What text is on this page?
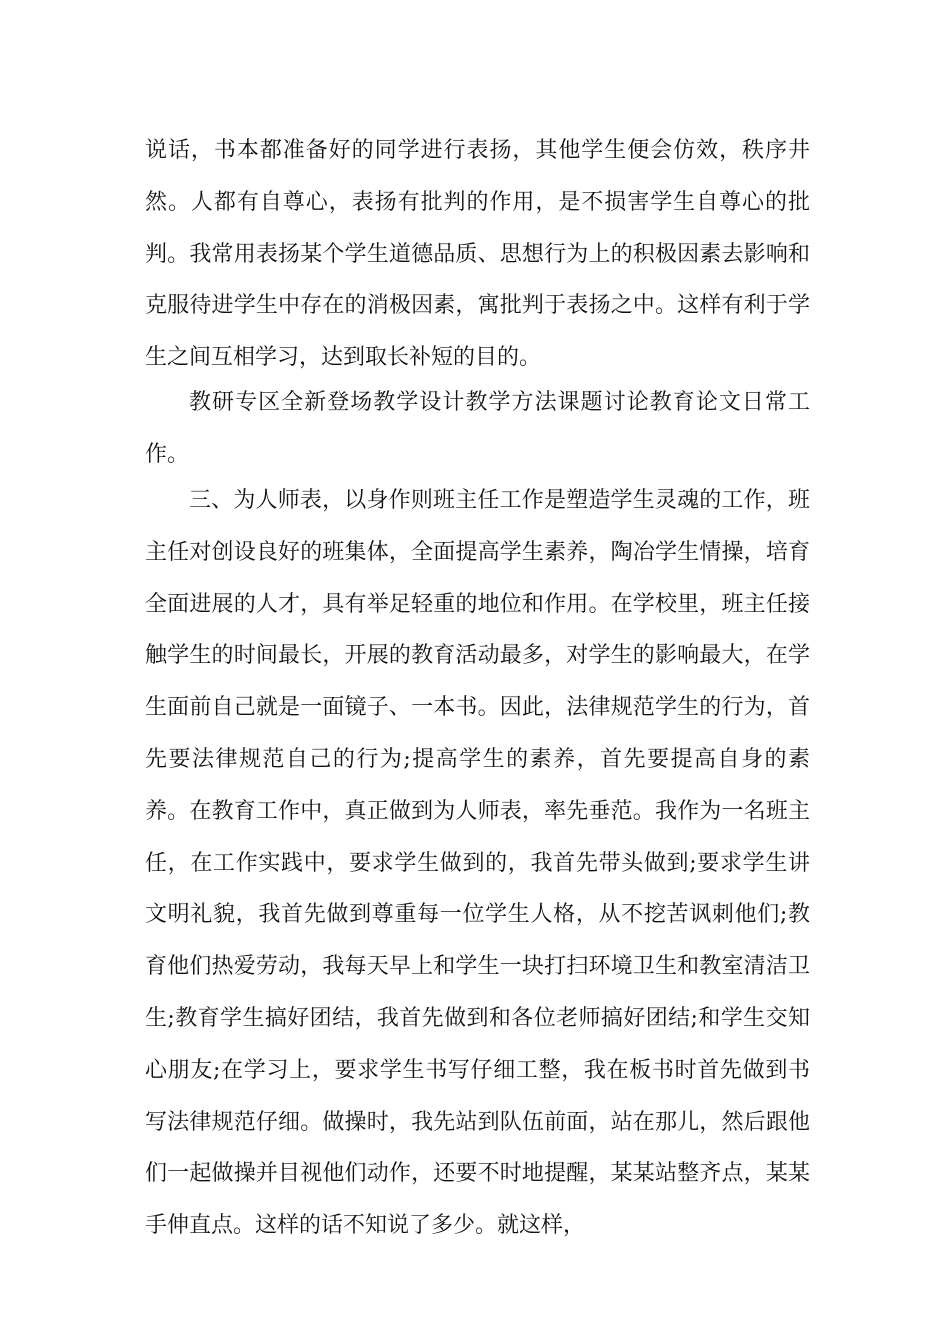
说话，书本都准备好的同学进行表扬，其他学生便会仿效，秩序井然。人都有自尊心，表扬有批判的作用，是不损害学生自尊心的批判。我常用表扬某个学生道德品质、思想行为上的积极因素去影响和克服待进学生中存在的消极因素，寓批判于表扬之中。这样有利于学生之间互相学习，达到取长补短的目的。

教研专区全新登场教学设计教学方法课题讨论教育论文日常工作。

三、为人师表，以身作则班主任工作是塑造学生灵魂的工作，班主任对创设良好的班集体，全面提高学生素养，陶冶学生情操，培育全面进展的人才，具有举足轻重的地位和作用。在学校里，班主任接触学生的时间最长，开展的教育活动最多，对学生的影响最大，在学生面前自己就是一面镜子、一本书。因此，法律规范学生的行为，首先要法律规范自己的行为;提高学生的素养，首先要提高自身的素养。在教育工作中，真正做到为人师表，率先垂范。我作为一名班主任，在工作实践中，要求学生做到的，我首先带头做到;要求学生讲文明礼貌，我首先做到尊重每一位学生人格，从不挖苦讽刺他们;教育他们热爱劳动，我每天早上和学生一块打扫环境卫生和教室清洁卫生;教育学生搞好团结，我首先做到和各位老师搞好团结;和学生交知心朋友;在学习上，要求学生书写仔细工整，我在板书时首先做到书写法律规范仔细。做操时，我先站到队伍前面，站在那儿，然后跟他们一起做操并目视他们动作，还要不时地提醒，某某站整齐点，某某手伸直点。这样的话不知说了多少。就这样，
